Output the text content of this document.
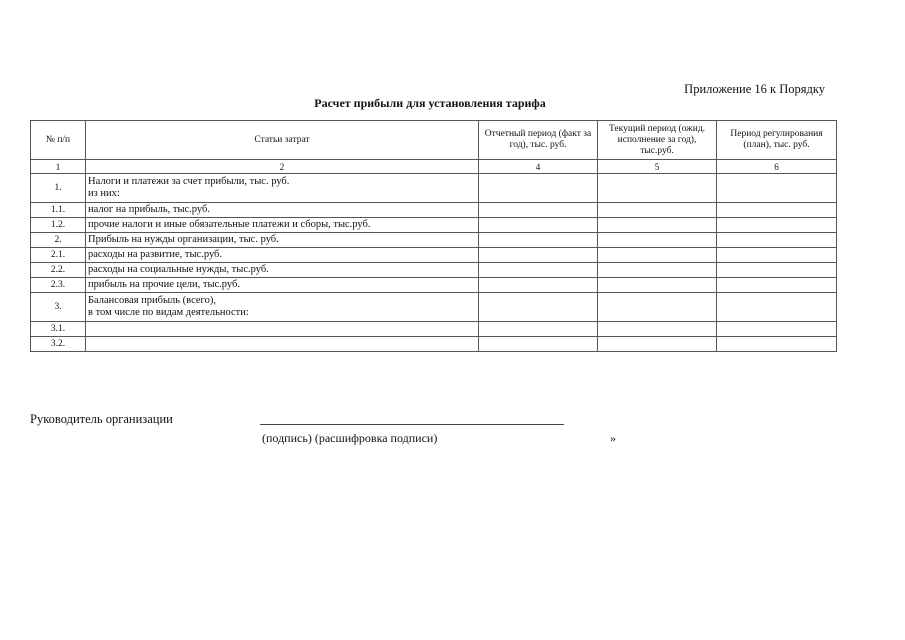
Приложение 16 к Порядку
Расчет прибыли для установления тарифа
№ п/п	Статьи затрат	Отчетный период (факт за год), тыс. руб.	Текущий период (ожид. исполнение за год), тыс.руб.	Период регулирования (план), тыс. руб.
1	2	4	5	6
1.	Налоги и платежи за счет прибыли, тыс. руб.
из них:			

1.1.	налог на прибыль, тыс.руб.			

1.2.	прочие налоги и иные обязательные платежи и сборы, тыс.руб.			

2.	Прибыль на нужды организации, тыс. руб.			

2.1.	расходы на развитие, тыс.руб.			

2.2.	расходы на социальные нужды, тыс.руб.			

2.3.	прибыль на прочие цели, тыс.руб.			

3.	Балансовая прибыль (всего),
в том числе по видам деятельности:			

3.1.	

3.2.	

Руководитель организации
(подпись) (расшифровка подписи)	»
